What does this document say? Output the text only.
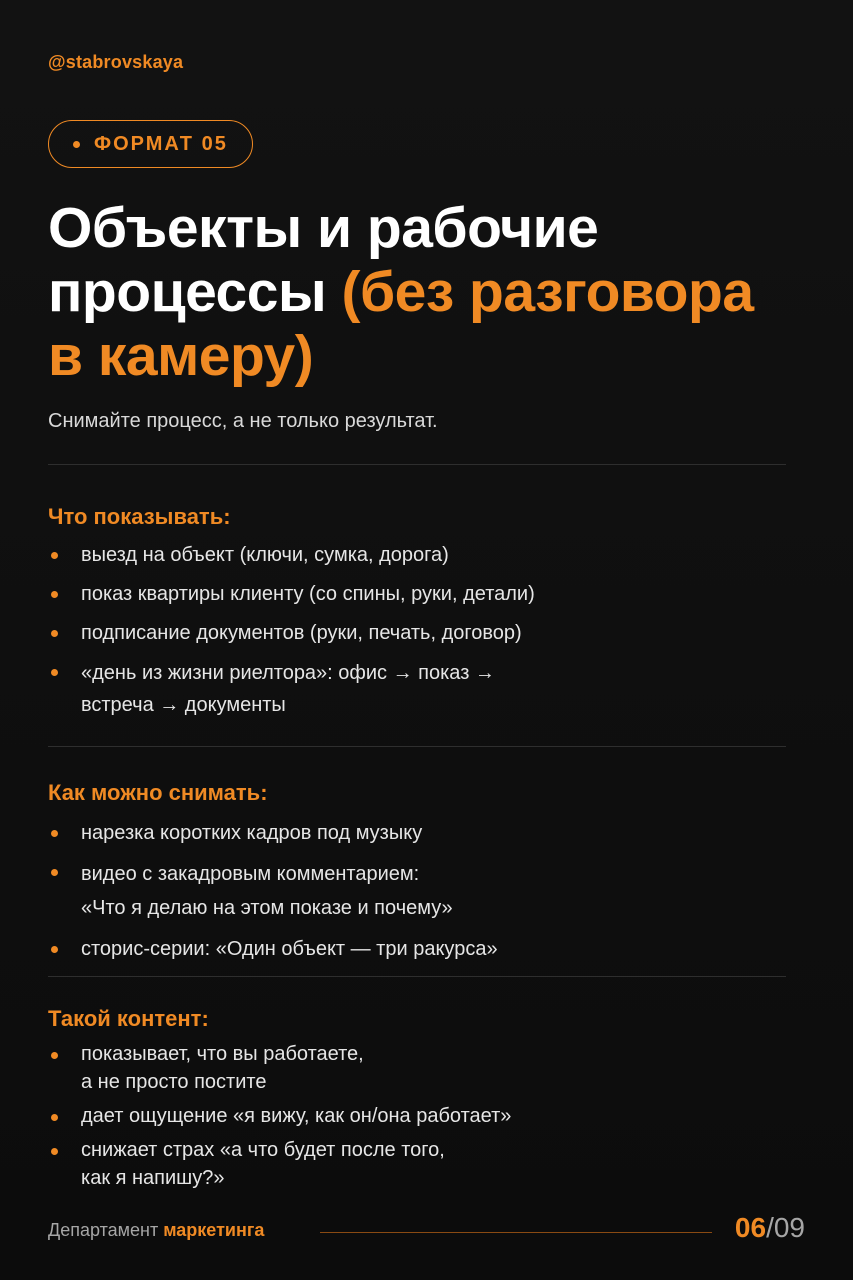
@stabrovskaya
ФОРМАТ 05
Объекты и рабочие
процессы (без разговора
в камеру)
Снимайте процесс, а не только результат.
Что показывать:
выезд на объект (ключи, сумка, дорога)
показ квартиры клиенту (со спины, руки, детали)
подписание документов (руки, печать, договор)
«день из жизни риелтора»: офис → показ →
встреча → документы
Как можно снимать:
нарезка коротких кадров под музыку
видео с закадровым комментарием:
«Что я делаю на этом показе и почему»
сторис-серии: «Один объект — три ракурса»
Такой контент:
показывает, что вы работаете,
а не просто постите
дает ощущение «я вижу, как он/она работает»
снижает страх «а что будет после того,
как я напишу?»
Департамент маркетинга	06/09
